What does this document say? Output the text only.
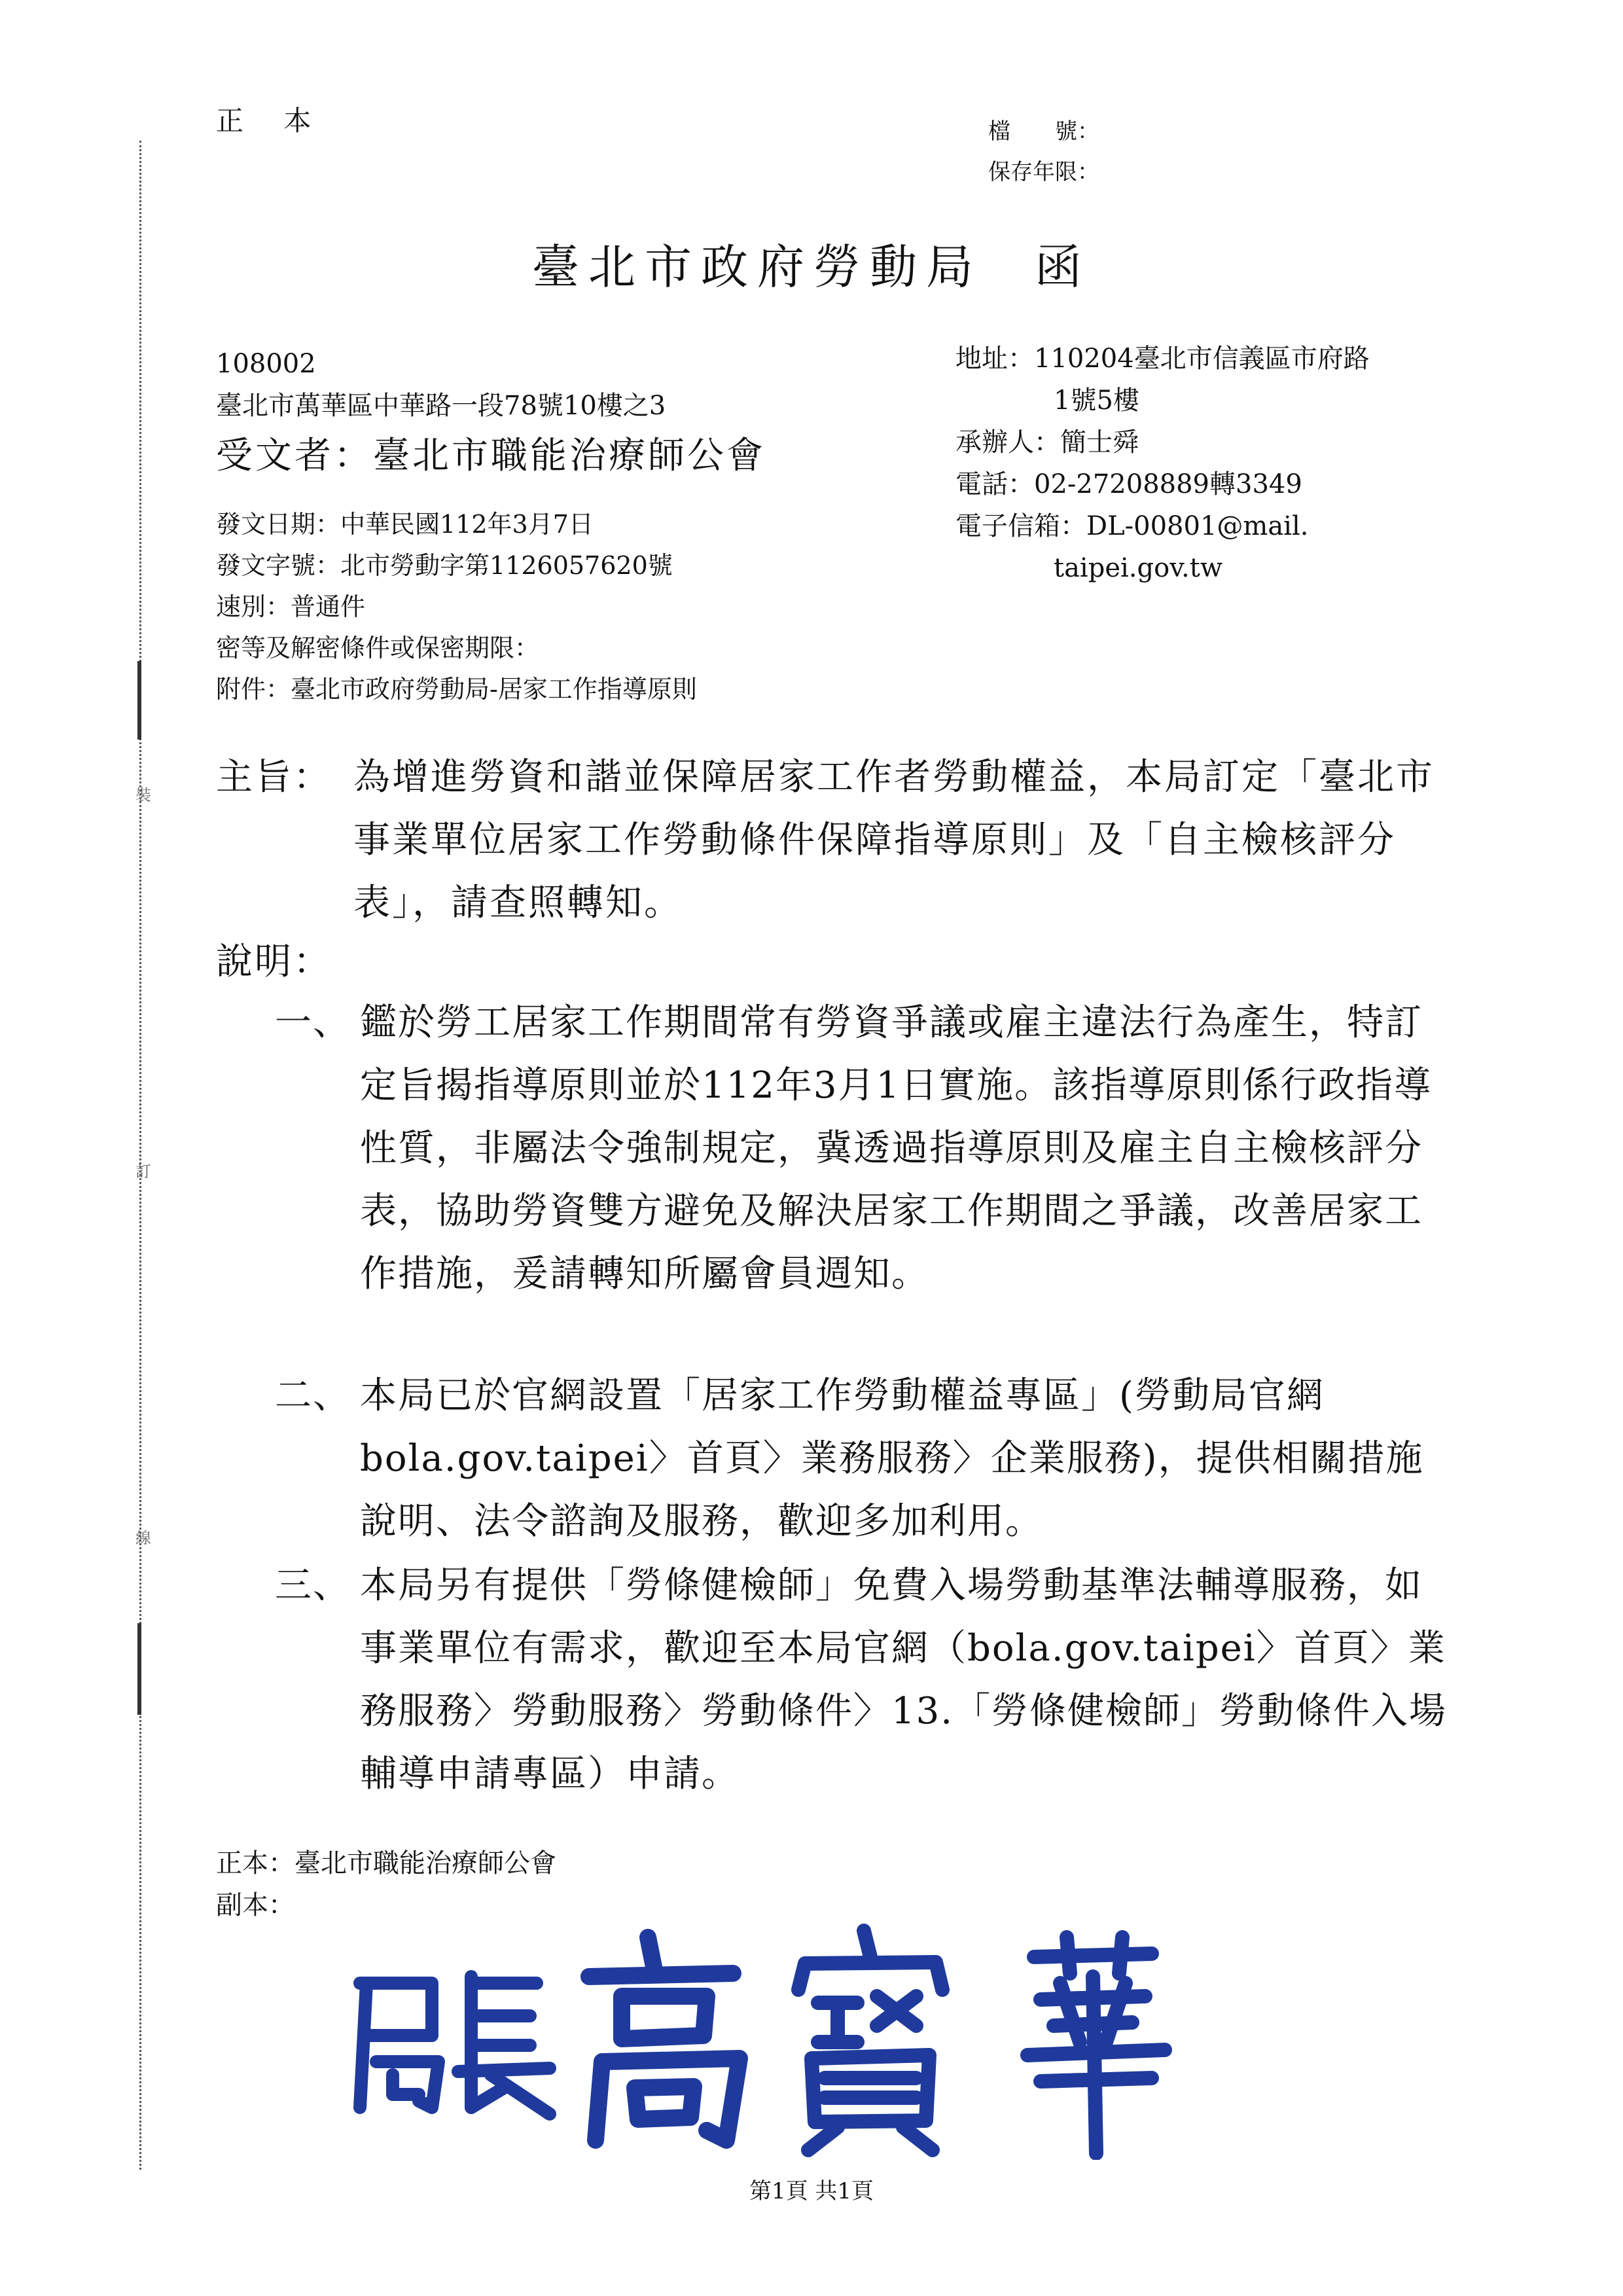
裝
訂
線
正 本	檔　　號：
保存年限：
臺北市政府勞動局 函
108002
臺北市萬華區中華路一段78號10樓之3
受文者：臺北市職能治療師公會
地址：110204臺北市信義區市府路
1號5樓
承辦人：簡士舜
電話：02-27208889轉3349
電子信箱：DL-00801@mail.
taipei.gov.tw
發文日期：中華民國112年3月7日
發文字號：北市勞動字第1126057620號
速別：普通件
密等及解密條件或保密期限：
附件：臺北市政府勞動局-居家工作指導原則
主旨： 為增進勞資和諧並保障居家工作者勞動權益，本局訂定「臺北市事業單位居家工作勞動條件保障指導原則」及「自主檢核評分表」，請查照轉知。
說明：
一、 鑑於勞工居家工作期間常有勞資爭議或雇主違法行為產生，特訂定旨揭指導原則並於112年3月1日實施。該指導原則係行政指導性質，非屬法令強制規定，冀透過指導原則及雇主自主檢核評分表，協助勞資雙方避免及解決居家工作期間之爭議，改善居家工作措施，爰請轉知所屬會員週知。
二、 本局已於官網設置「居家工作勞動權益專區」(勞動局官網bola.gov.taipei〉首頁〉業務服務〉企業服務)，提供相關措施說明、法令諮詢及服務，歡迎多加利用。
三、 本局另有提供「勞條健檢師」免費入場勞動基準法輔導服務，如事業單位有需求，歡迎至本局官網（bola.gov.taipei〉首頁〉業務服務〉勞動服務〉勞動條件〉13.「勞條健檢師」勞動條件入場輔導申請專區）申請。
正本：臺北市職能治療師公會
副本：
第1頁 共1頁
